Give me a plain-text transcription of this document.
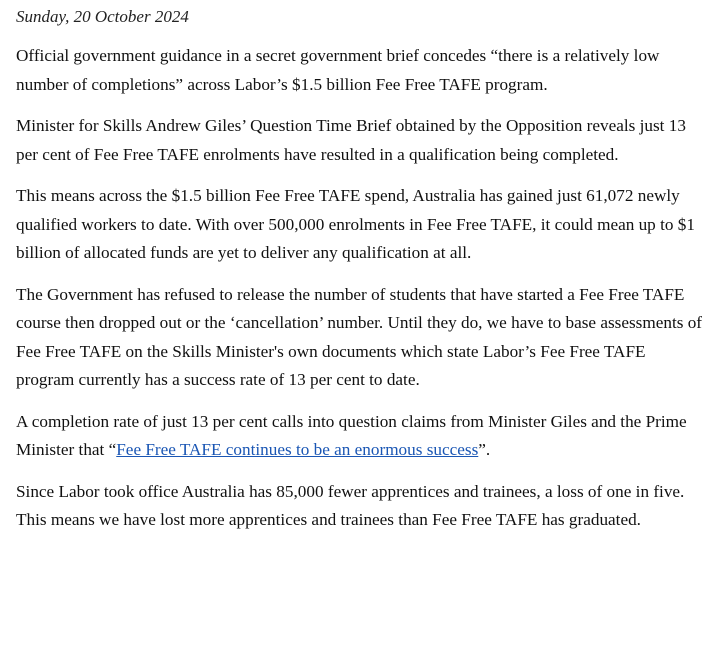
Sunday, 20 October 2024

Official government guidance in a secret government brief concedes “there is a relatively low number of completions” across Labor’s $1.5 billion Fee Free TAFE program.

Minister for Skills Andrew Giles’ Question Time Brief obtained by the Opposition reveals just 13 per cent of Fee Free TAFE enrolments have resulted in a qualification being completed.

This means across the $1.5 billion Fee Free TAFE spend, Australia has gained just 61,072 newly qualified workers to date. With over 500,000 enrolments in Fee Free TAFE, it could mean up to $1 billion of allocated funds are yet to deliver any qualification at all.

The Government has refused to release the number of students that have started a Fee Free TAFE course then dropped out or the ‘cancellation’ number. Until they do, we have to base assessments of Fee Free TAFE on the Skills Minister's own documents which state Labor’s Fee Free TAFE program currently has a success rate of 13 per cent to date.

A completion rate of just 13 per cent calls into question claims from Minister Giles and the Prime Minister that “Fee Free TAFE continues to be an enormous success”.

Since Labor took office Australia has 85,000 fewer apprentices and trainees, a loss of one in five. This means we have lost more apprentices and trainees than Fee Free TAFE has graduated.
